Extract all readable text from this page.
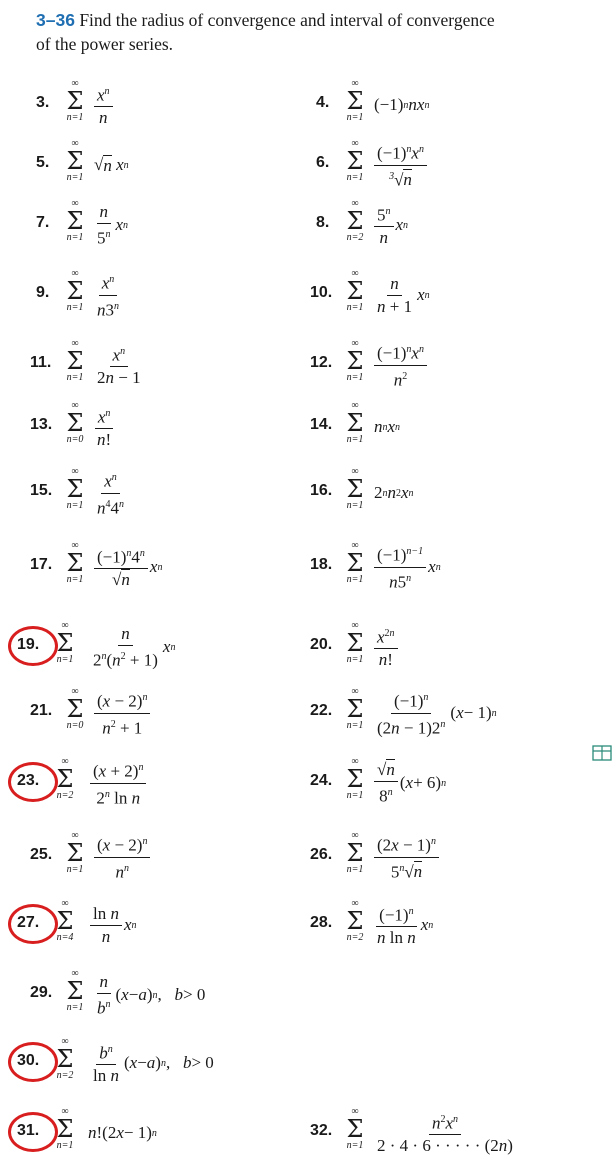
3–36 Find the radius of convergence and interval of convergence
of the power series.
3.
∞
Σ
$n=1 \frac{x^n}{n}$	4.
∞
Σ
n=1
(−1) n nx n
5.
∞
Σ
n=1
√ n x n	6.
∞
Σ
$n=1 \frac{(-1)^nx^n}{^3√n}$
7.
∞
Σ
$n=1 \frac{n}{5^n}$ x n	8.
∞
Σ
$n=2 \frac{5^n}{n}$ x n
9.
∞
Σ
$n=1 \frac{x^n}{n3^n}$	10.
∞
Σ
$n=1 \frac{n}{n + 1}$ x n
11.
∞
Σ
$n=1 \frac{x^n}{2n - 1}$	12.
∞
Σ
$n=1 \frac{(-1)^nx^n}{n^2}$
13.
∞
Σ
$n=0 \frac{x^n}{n!}$	14.
∞
Σ
n=1
n n x n
15.
∞
Σ
$n=1 \frac{x^n}{n^44^n}$	16.
∞
Σ
n=1
2 n n 2 x n
17.
∞
Σ
$n=1 \frac{(-1)^n4^n}{√n}$ x n	18.
∞
Σ
$n=1 \frac{(-1)^{n-1}}{n5^n}$ x n
19.
∞
Σ
$n=1 \frac{n}{2^n(n^2 + 1)}$ x n	20.
∞
Σ
$n=1 \frac{x^{2n}}{n!}$
21.
∞
Σ
$n=0 \frac{(x - 2)^n}{n^2 + 1}$	22.
∞
Σ
$n=1 \frac{(-1)^n}{(2n - 1)2^n}$ ( x − 1) n
23.
∞
Σ
$n=2 \frac{(x + 2)^n}{2^n \ln n}$	24.
∞
Σ
$n=1 \frac{√n}{8^n}$ ( x + 6) n
25.
∞
Σ
$n=1 \frac{(x - 2)^n}{n^n}$	26.
∞
Σ
$n=1 \frac{(2x - 1)^n}{5^n√n}$
27.
∞
Σ
$n=4 \frac{\text{ln n}}{n}$ x n	28.
∞
Σ
$n=2 \frac{(-1)^n}{\text{n ln n}}$ x n
29.
∞
Σ
$n=1 \frac{n}{b^n}$ ( x − a ) n , b > 0
30.
∞
Σ
$n=2 \frac{b^n}{\text{ln n}}$ ( x − a ) n , b > 0
31.
∞
Σ
n=1
n !(2 x − 1) n	32.
∞
Σ
$n=1 \frac{n^2x^n}{2 \cdot 4 \cdot 6 \cdot \cdot \cdot \cdot \cdot (2n)}$
